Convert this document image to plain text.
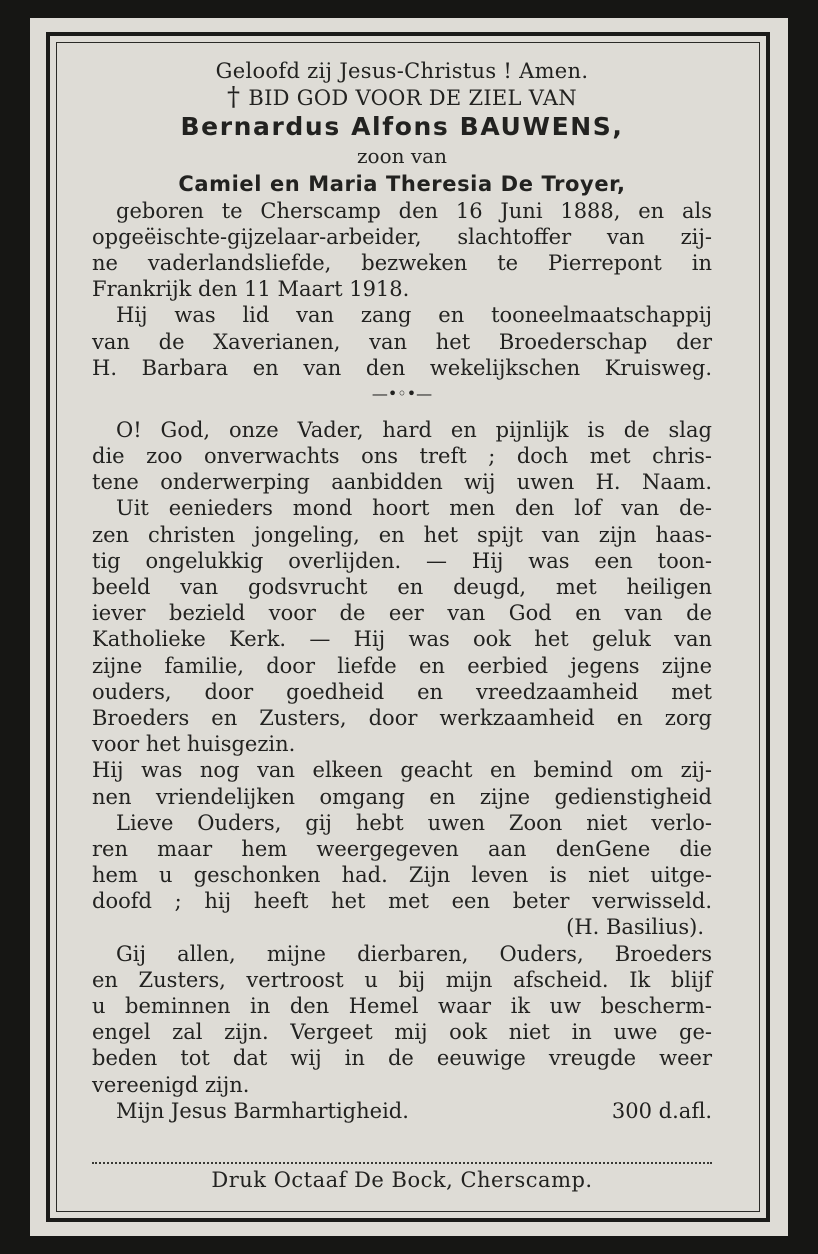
Geloofd zij Jesus-Christus ! Amen.
† BID GOD VOOR DE ZIEL VAN
Bernardus Alfons BAUWENS,
zoon van
Camiel en Maria Theresia De Troyer,
geboren te Cherscamp den 16 Juni 1888, en als
opgeëischte-gijzelaar-arbeider, slachtoffer van zij-
ne vaderlandsliefde, bezweken te Pierrepont in
Frankrijk den 11 Maart 1918.
Hij was lid van zang en tooneelmaatschappij
van de Xaverianen, van het Broederschap der
H. Barbara en van den wekelijkschen Kruisweg.
—•◦•—
O! God, onze Vader, hard en pijnlijk is de slag
die zoo onverwachts ons treft ; doch met chris-
tene onderwerping aanbidden wij uwen H. Naam.
Uit eenieders mond hoort men den lof van de-
zen christen jongeling, en het spijt van zijn haas-
tig ongelukkig overlijden. — Hij was een toon-
beeld van godsvrucht en deugd, met heiligen
iever bezield voor de eer van God en van de
Katholieke Kerk. — Hij was ook het geluk van
zijne familie, door liefde en eerbied jegens zijne
ouders, door goedheid en vreedzaamheid met
Broeders en Zusters, door werkzaamheid en zorg
voor het huisgezin.
Hij was nog van elkeen geacht en bemind om zij-
nen vriendelijken omgang en zijne gedienstigheid
Lieve Ouders, gij hebt uwen Zoon niet verlo-
ren maar hem weergegeven aan denGene die
hem u geschonken had. Zijn leven is niet uitge-
doofd ; hij heeft het met een beter verwisseld.
(H. Basilius).
Gij allen, mijne dierbaren, Ouders, Broeders
en Zusters, vertroost u bij mijn afscheid. Ik blijf
u beminnen in den Hemel waar ik uw bescherm-
engel zal zijn. Vergeet mij ook niet in uwe ge-
beden tot dat wij in de eeuwige vreugde weer
vereenigd zijn.
Mijn Jesus Barmhartigheid.	300 d.afl.
Druk Octaaf De Bock, Cherscamp.
